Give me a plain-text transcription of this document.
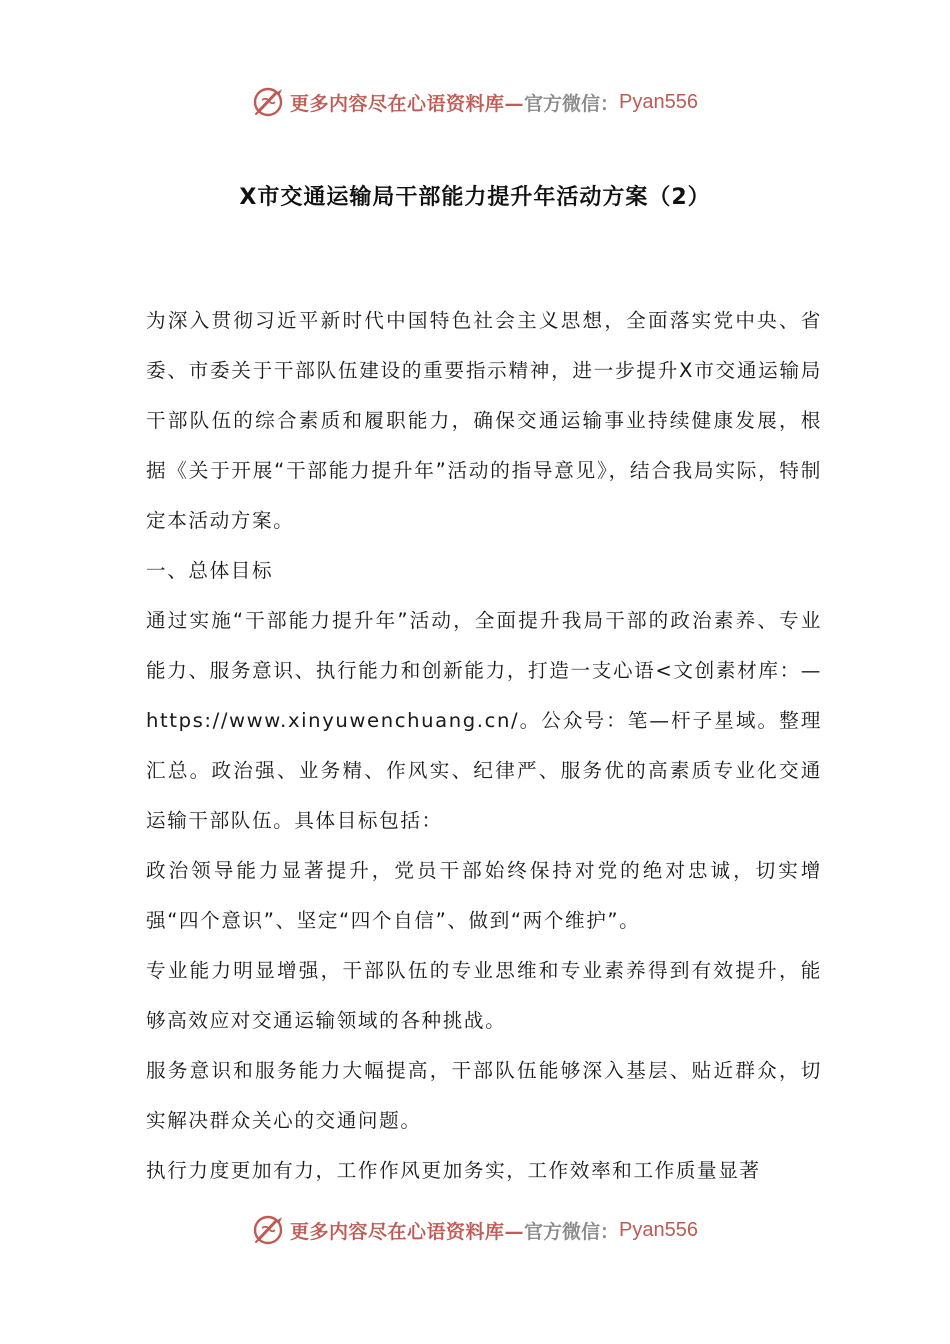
更多内容尽在心语资料库— 官方微信： Pyan556
X市交通运输局干部能力提升年活动方案（2）

为深入贯彻习近平新时代中国特色社会主义思想，全面落实党中央、省委、市委关于干部队伍建设的重要指示精神，进一步提升X市交通运输局干部队伍的综合素质和履职能力，确保交通运输事业持续健康发展，根据《关于开展“干部能力提升年”活动的指导意见》，结合我局实际，特制定本活动方案。

一、总体目标

通过实施“干部能力提升年”活动，全面提升我局干部的政治素养、专业能力、服务意识、执行能力和创新能力，打造一支心语<文创素材库：—https://www.xinyuwenchuang.cn/。公众号：笔—杆子星域。整理汇总。政治强、业务精、作风实、纪律严、服务优的高素质专业化交通运输干部队伍。具体目标包括：

政治领导能力显著提升，党员干部始终保持对党的绝对忠诚，切实增强“四个意识”、坚定“四个自信”、做到“两个维护”。

专业能力明显增强，干部队伍的专业思维和专业素养得到有效提升，能够高效应对交通运输领域的各种挑战。

服务意识和服务能力大幅提高，干部队伍能够深入基层、贴近群众，切实解决群众关心的交通问题。

执行力度更加有力，工作作风更加务实，工作效率和工作质量显著

更多内容尽在心语资料库— 官方微信： Pyan556
